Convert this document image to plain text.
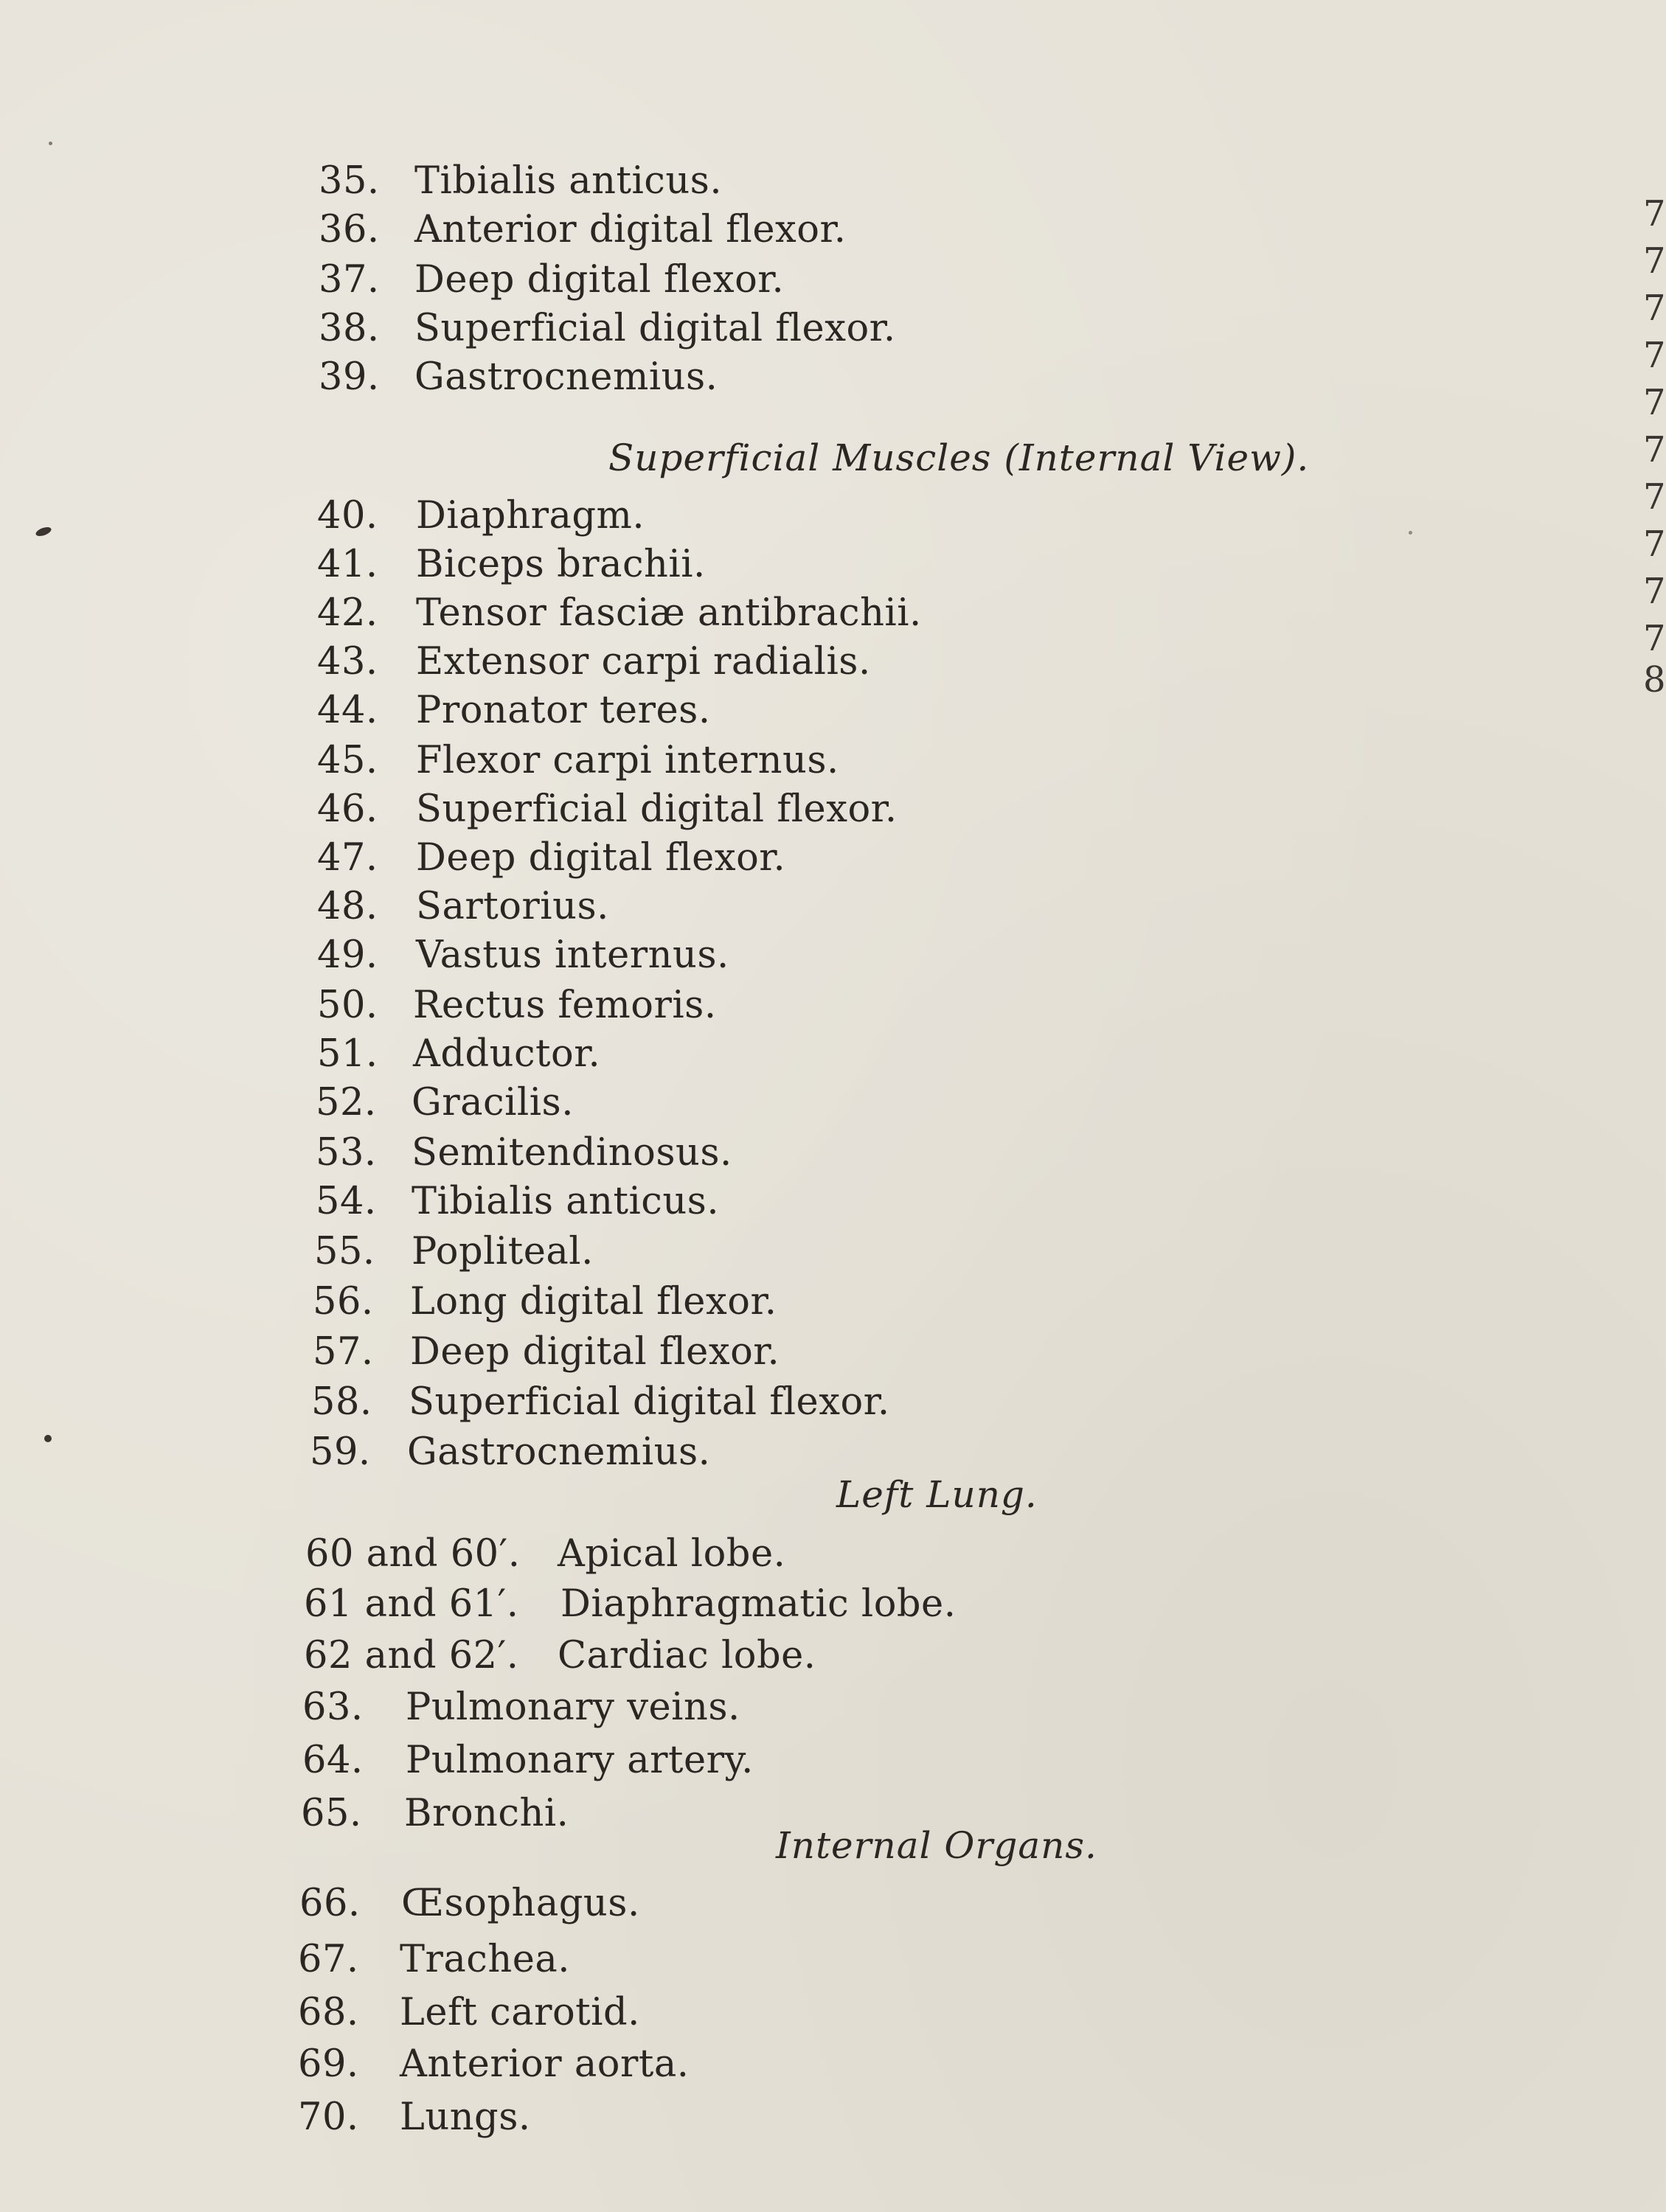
35. Tibialis anticus.
36. Anterior digital flexor.
37. Deep digital flexor.
38. Superficial digital flexor.
39. Gastrocnemius.
Superficial Muscles (Internal View).
40. Diaphragm.
41. Biceps brachii.
42. Tensor fasciæ antibrachii.
43. Extensor carpi radialis.
44. Pronator teres.
45. Flexor carpi internus.
46. Superficial digital flexor.
47. Deep digital flexor.
48. Sartorius.
49. Vastus internus.
50. Rectus femoris.
51. Adductor.
52. Gracilis.
53. Semitendinosus.
54. Tibialis anticus.
55. Popliteal.
56. Long digital flexor.
57. Deep digital flexor.
58. Superficial digital flexor.
59. Gastrocnemius.
Left Lung.
60 and 60′. Apical lobe.
61 and 61′. Diaphragmatic lobe.
62 and 62′. Cardiac lobe.
63. Pulmonary veins.
64. Pulmonary artery.
65. Bronchi.
Internal Organs.
66. Œsophagus.
67. Trachea.
68. Left carotid.
69. Anterior aorta.
70. Lungs.
7
7
7
7
7
7
7
7
7
7
8
